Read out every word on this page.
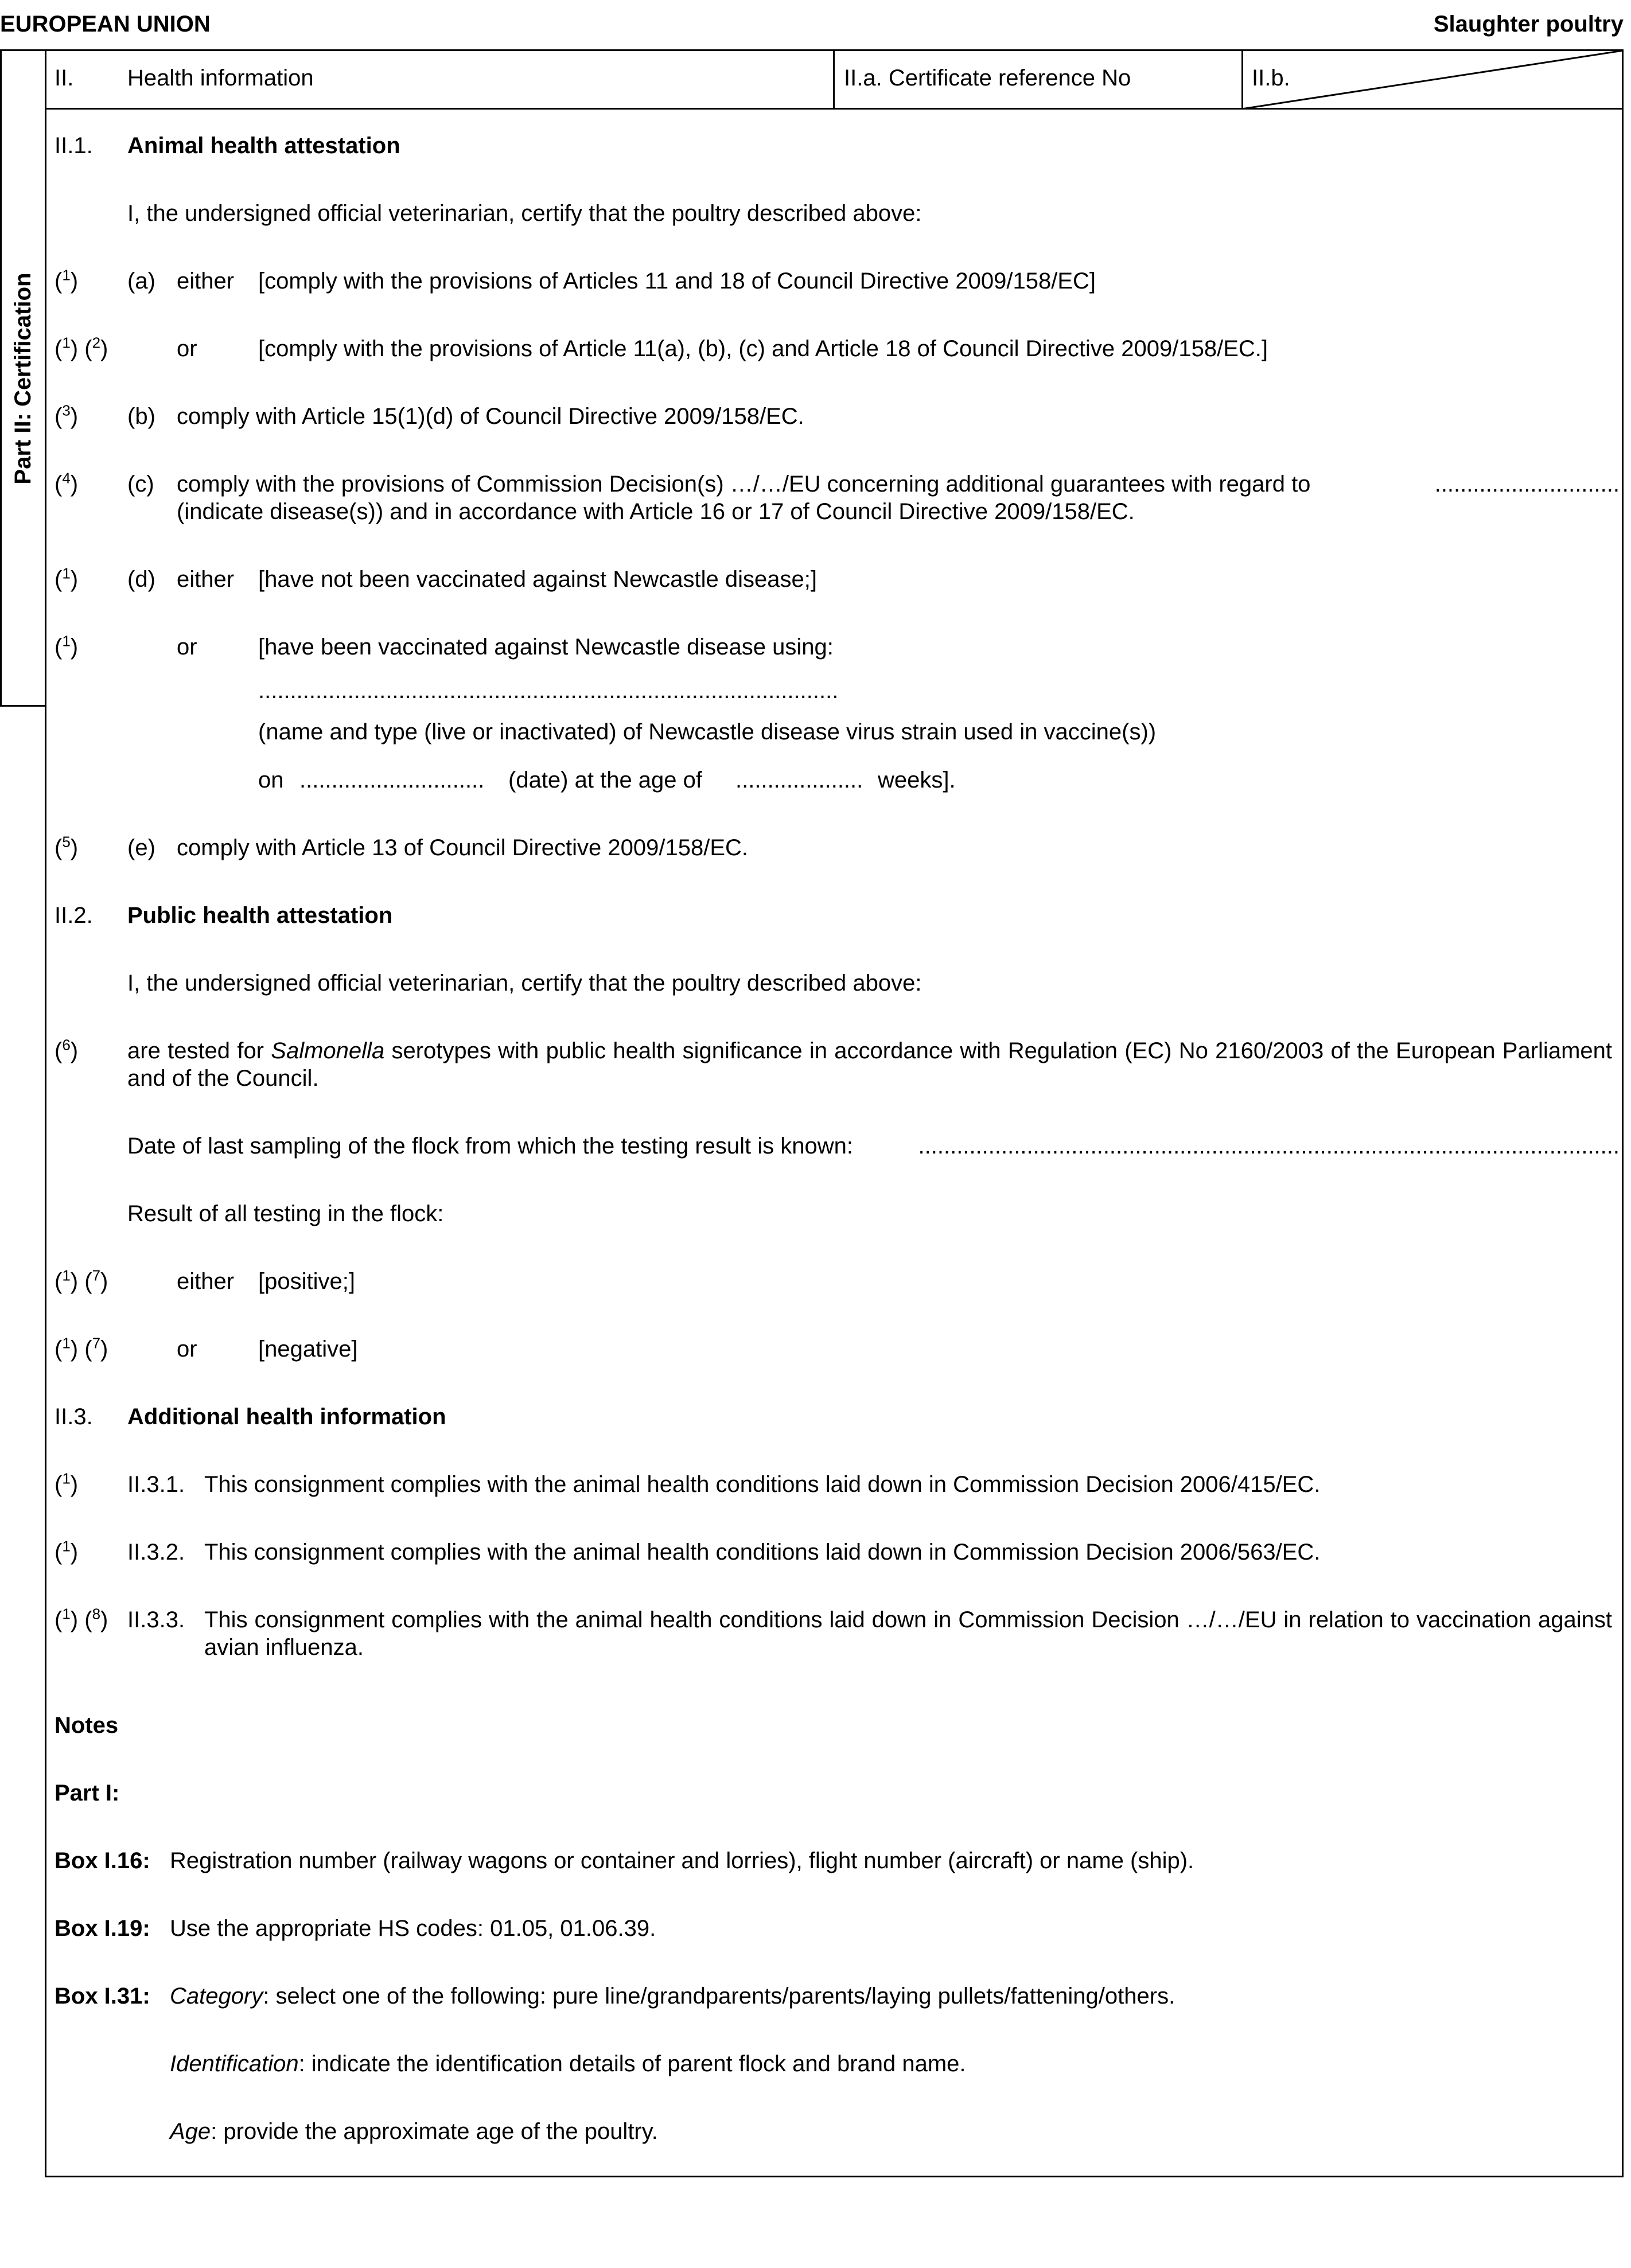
EUROPEAN UNION	Slaughter poultry
Part II: Certification
II. Health information	II.a. Certificate reference No	II.b.
II.1. Animal health attestation
I, the undersigned official veterinarian, certify that the poultry described above:
($^1$) (a) either [comply with the provisions of Articles 11 and 18 of Council Directive 2009/158/EC]
($^1$) ($^2$)	or	[comply with the provisions of Article 11(a), (b), (c) and Article 18 of Council Directive 2009/158/EC.]
($^3$) (b) comply with Article 15(1)(d) of Council Directive 2009/158/EC.
($^4$) (c) comply with the provisions of Commission Decision(s) …/…/EU concerning additional guarantees with regard to	.............................
(indicate disease(s)) and in accordance with Article 16 or 17 of Council Directive 2009/158/EC.
($^1$) (d) either [have not been vaccinated against Newcastle disease;]
($^1$)	or	[have been vaccinated against Newcastle disease using:
...........................................................................................
(name and type (live or inactivated) of Newcastle disease virus strain used in vaccine(s))
on ............................. (date) at the age of .................... weeks].
($^5$) (e) comply with Article 13 of Council Directive 2009/158/EC.
II.2. Public health attestation
I, the undersigned official veterinarian, certify that the poultry described above:
($^6$) are tested for Salmonella serotypes with public health significance in accordance with Regulation (EC) No 2160/2003 of the European Parliament and of the Council.
Date of last sampling of the flock from which the testing result is known:	..............................................................................................................
Result of all testing in the flock:
($^1$) ($^7$)	either [positive;]
($^1$) ($^7$)	or	[negative]
II.3. Additional health information
($^1$) II.3.1. This consignment complies with the animal health conditions laid down in Commission Decision 2006/415/EC.
($^1$) II.3.2. This consignment complies with the animal health conditions laid down in Commission Decision 2006/563/EC.
($^1$) ($^8$) II.3.3. This consignment complies with the animal health conditions laid down in Commission Decision …/…/EU in relation to vaccination against avian influenza.
Notes
Part I:
Box I.16: Registration number (railway wagons or container and lorries), flight number (aircraft) or name (ship).
Box I.19: Use the appropriate HS codes: 01.05, 01.06.39.
Box I.31: Category: select one of the following: pure line/grandparents/parents/laying pullets/fattening/others.
Identification: indicate the identification details of parent flock and brand name.
Age: provide the approximate age of the poultry.
